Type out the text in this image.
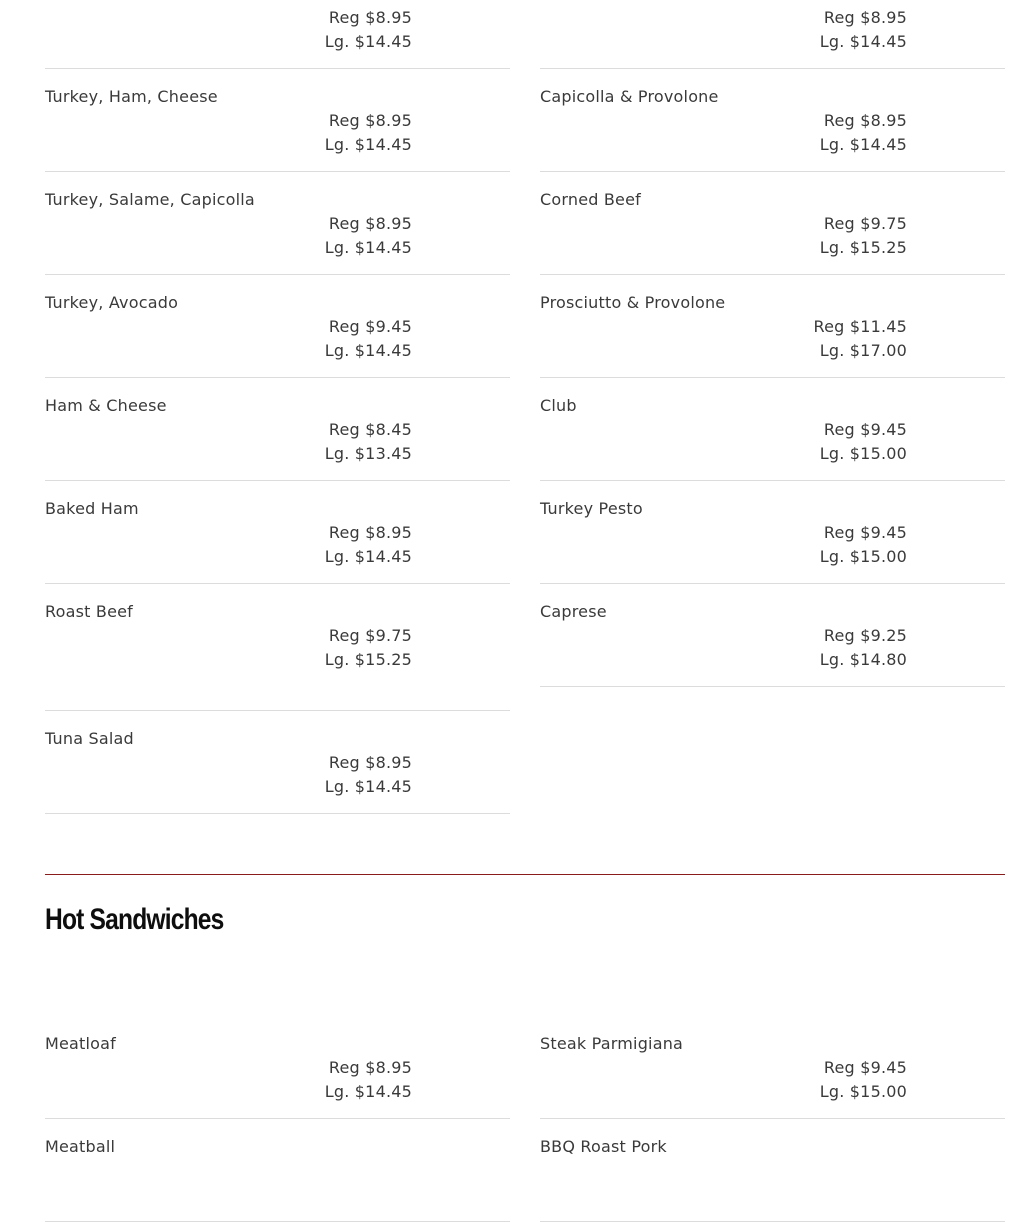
Reg $8.95
Lg. $14.45
Reg $8.95
Lg. $14.45
Turkey, Ham, Cheese
Reg $8.95
Lg. $14.45
Turkey, Salame, Capicolla
Reg $8.95
Lg. $14.45
Turkey, Avocado
Reg $9.45
Lg. $14.45
Ham & Cheese
Reg $8.45
Lg. $13.45
Baked Ham
Reg $8.95
Lg. $14.45
Roast Beef
Reg $9.75
Lg. $15.25
Tuna Salad
Reg $8.95
Lg. $14.45
Capicolla & Provolone
Reg $8.95
Lg. $14.45
Corned Beef
Reg $9.75
Lg. $15.25
Prosciutto & Provolone
Reg $11.45
Lg. $17.00
Club
Reg $9.45
Lg. $15.00
Turkey Pesto
Reg $9.45
Lg. $15.00
Caprese
Reg $9.25
Lg. $14.80
Hot Sandwiches
Meatloaf
Reg $8.95
Lg. $14.45
Meatball
Steak Parmigiana
Reg $9.45
Lg. $15.00
BBQ Roast Pork
